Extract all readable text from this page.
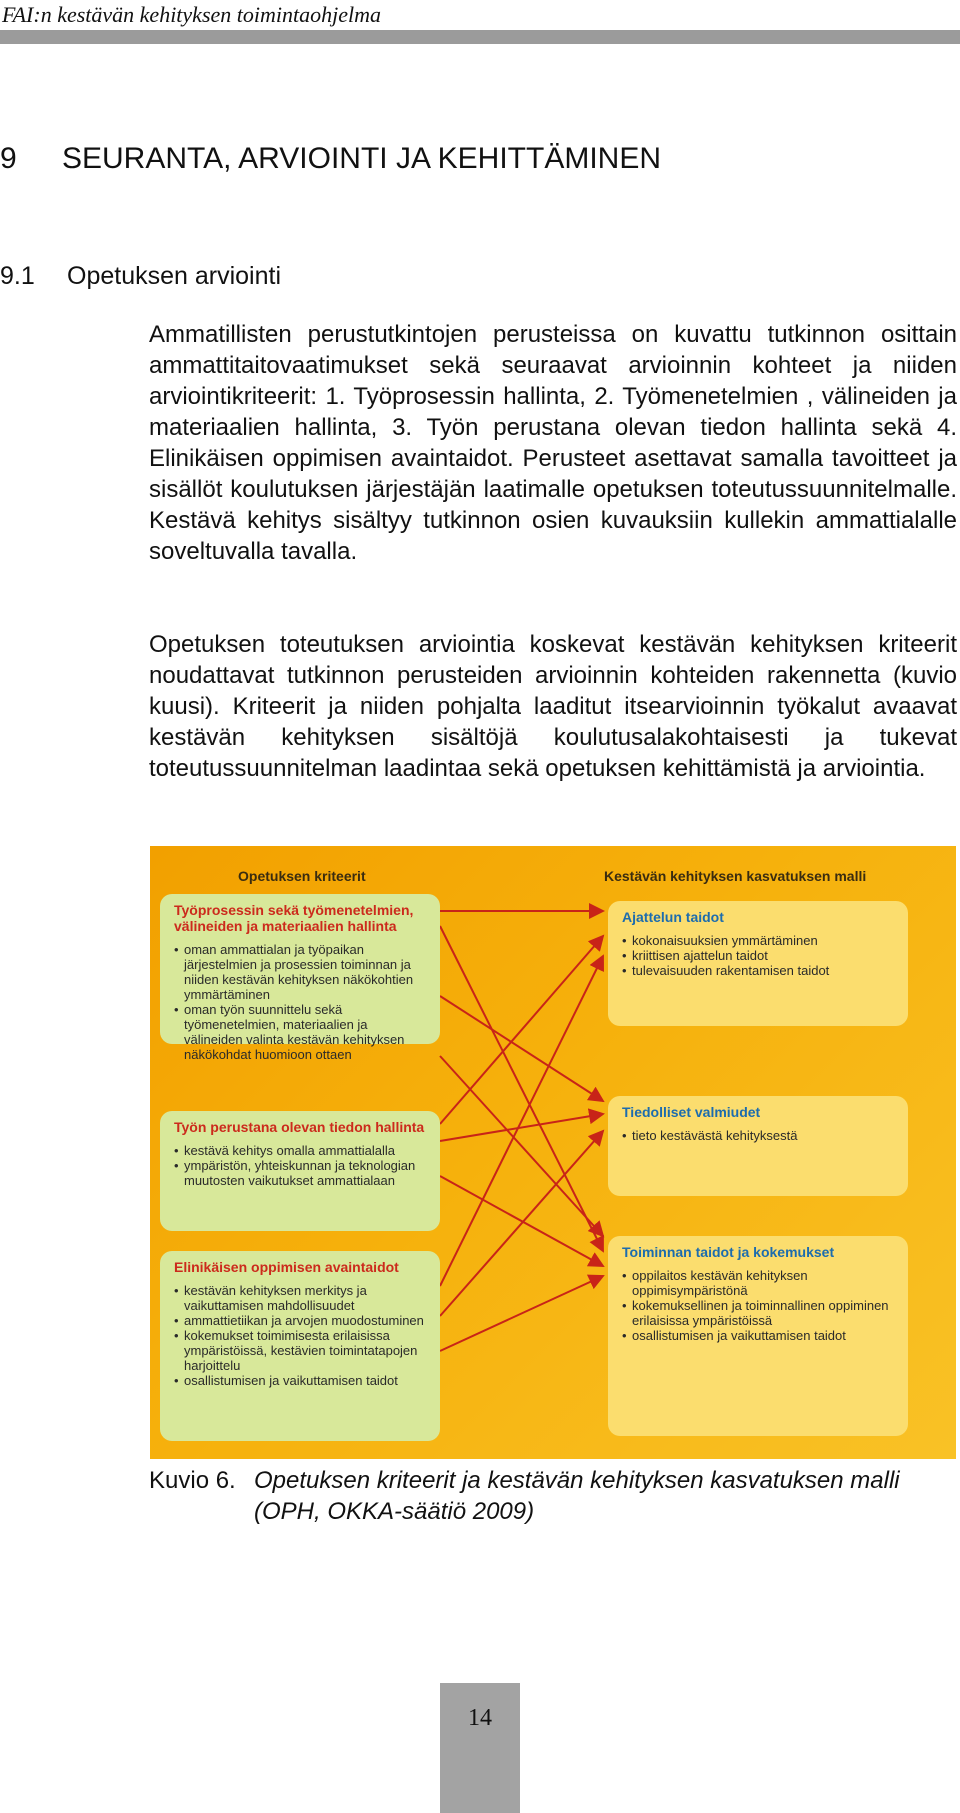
FAI:n kestävän kehityksen toimintaohjelma
9 SEURANTA, ARVIOINTI JA KEHITTÄMINEN
9.1 Opetuksen arviointi

Ammatillisten perustutkintojen perusteissa on kuvattu tutkinnon osittain ammattitaitovaatimukset sekä seuraavat arvioinnin kohteet ja niiden arviointikriteerit: 1. Työprosessin hallinta, 2. Työmenetelmien , välineiden ja materiaalien hallinta, 3. Työn perustana olevan tiedon hallinta sekä 4. Elinikäisen oppimisen avaintaidot. Perusteet asettavat samalla tavoitteet ja sisällöt koulutuksen järjestäjän laatimalle opetuksen toteutussuunnitelmalle. Kestävä kehitys sisältyy tutkinnon osien kuvauksiin kullekin ammattialalle soveltuvalla tavalla.

Opetuksen toteutuksen arviointia koskevat kestävän kehityksen kriteerit noudattavat tutkinnon perusteiden arvioinnin kohteiden rakennetta (kuvio kuusi). Kriteerit ja niiden pohjalta laaditut itsearvioinnin työkalut avaavat kestävän kehityksen sisältöjä koulutusalakohtaisesti ja tukevat toteutussuunnitelman laadintaa sekä opetuksen kehittämistä ja arviointia.

Opetuksen kriteerit	Kestävän kehityksen kasvatuksen malli
Työprosessin sekä työmenetelmien, välineiden ja materiaalien hallinta
• oman ammattialan ja työpaikan järjestelmien ja prosessien toiminnan ja niiden kestävän kehityksen näkökohtien ymmärtäminen
• oman työn suunnittelu sekä työmenetelmien, materiaalien ja välineiden valinta kestävän kehityksen näkökohdat huomioon ottaen
Työn perustana olevan tiedon hallinta
• kestävä kehitys omalla ammattialalla
• ympäristön, yhteiskunnan ja teknologian muutosten vaikutukset ammattialaan
Elinikäisen oppimisen avaintaidot
• kestävän kehityksen merkitys ja vaikuttamisen mahdollisuudet
• ammattietiikan ja arvojen muodostuminen
• kokemukset toimimisesta erilaisissa ympäristöissä, kestävien toimintatapojen harjoittelu
• osallistumisen ja vaikuttamisen taidot
Ajattelun taidot
• kokonaisuuksien ymmärtäminen
• kriittisen ajattelun taidot
• tulevaisuuden rakentamisen taidot
Tiedolliset valmiudet
• tieto kestävästä kehityksestä
Toiminnan taidot ja kokemukset
• oppilaitos kestävän kehityksen oppimisympäristönä
• kokemuksellinen ja toiminnallinen oppiminen erilaisissa ympäristöissä
• osallistumisen ja vaikuttamisen taidot
Kuvio 6. Opetuksen kriteerit ja kestävän kehityksen kasvatuksen malli (OPH, OKKA-säätiö 2009)
14
